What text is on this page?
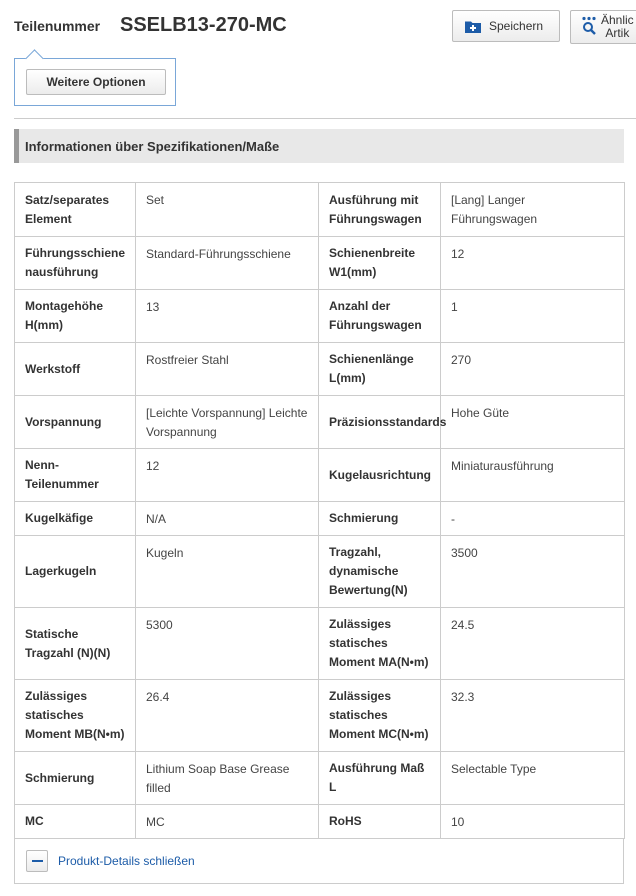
Teilenummer SSELB13-270-MC	Speichern	Ähnlic
Artik
Weitere Optionen
Informationen über Spezifikationen/Maße
Satz/separates Element	Set	Ausführung mit Führungswagen	[Lang] Langer Führungswagen
Führungsschiene nausführung	Standard-Führungsschiene	Schienenbreite W1(mm)	12
Montagehöhe H(mm)	13	Anzahl der Führungswagen	1
Werkstoff	Rostfreier Stahl	Schienenlänge L(mm)	270
Vorspannung	[Leichte Vorspannung] Leichte Vorspannung	Präzisionsstandards	Hohe Güte
Nenn-Teilenummer	12	Kugelausrichtung	Miniaturausführung
Kugelkäfige	N/A	Schmierung	-
Lagerkugeln	Kugeln	Tragzahl, dynamische Bewertung(N)	3500
Statische Tragzahl (N)(N)	5300	Zulässiges statisches Moment MA(N•m)	24.5
Zulässiges statisches Moment MB(N•m)	26.4	Zulässiges statisches Moment MC(N•m)	32.3
Schmierung	Lithium Soap Base Grease filled	Ausführung Maß L	Selectable Type
MC	MC	RoHS	10
Produkt-Details schließen
